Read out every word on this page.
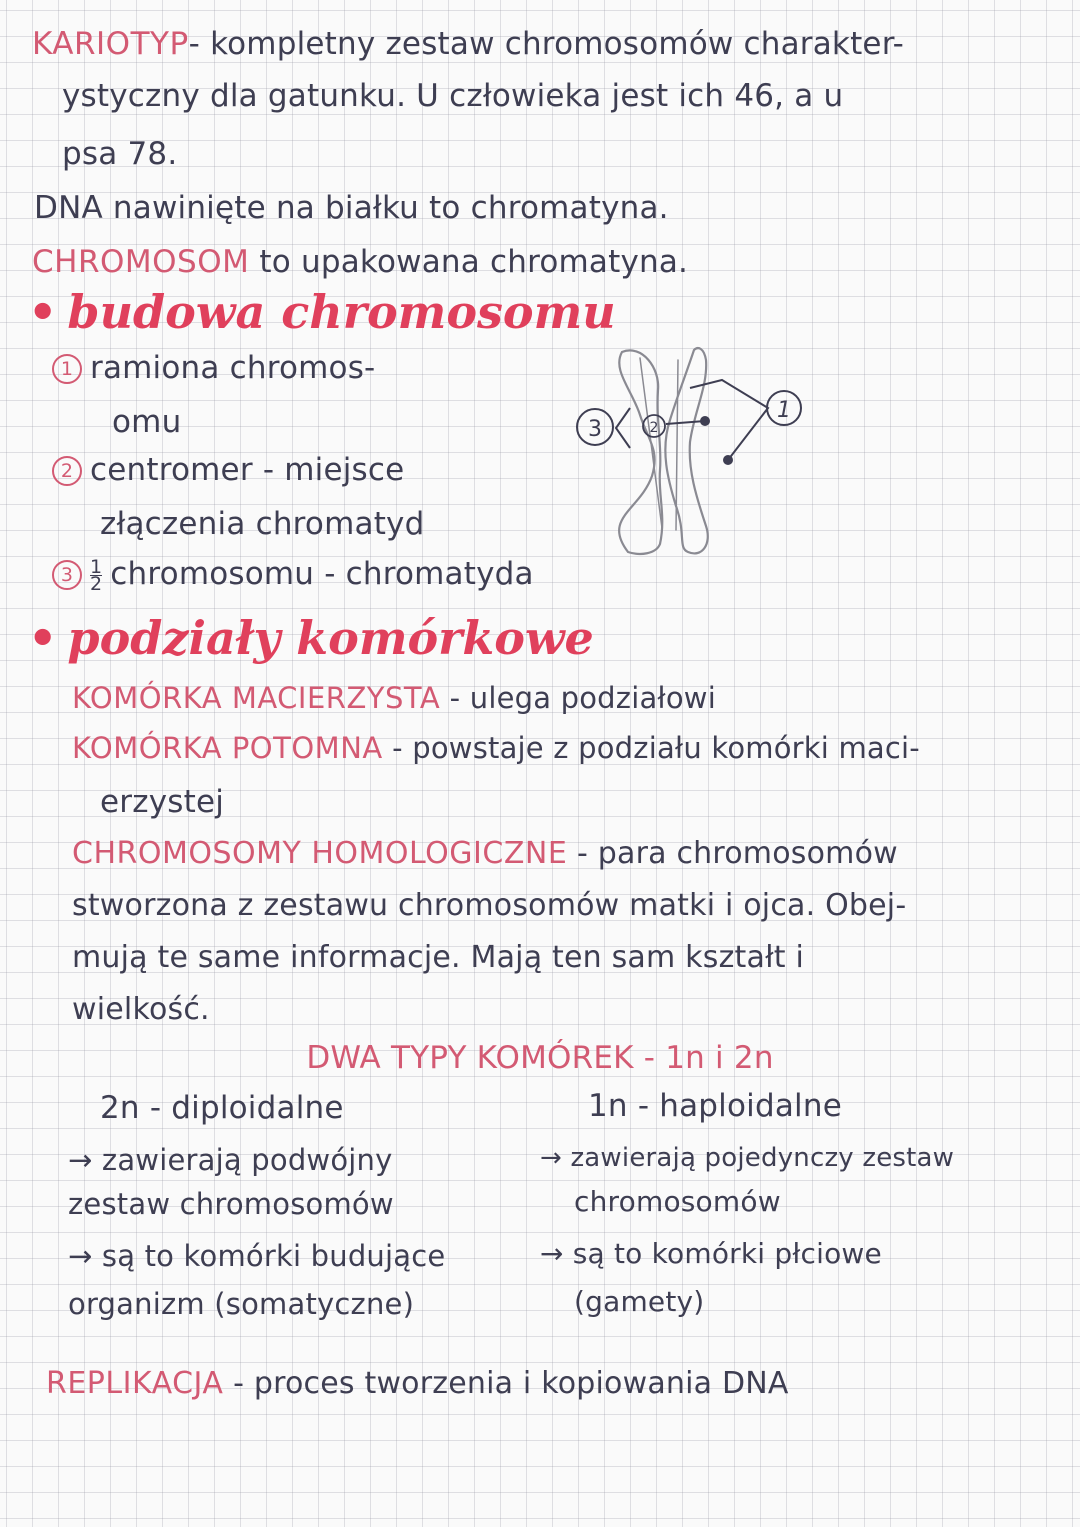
KARIOTYP- kompletny zestaw chromosomów charakter-
ystyczny dla gatunku. U człowieka jest ich 46, a u
psa 78.
DNA nawinięte na białku to chromatyna.
CHROMOSOM to upakowana chromatyna.
• budowa chromosomu
1 ramiona chromos-
omu
2 centromer - miejsce
złączenia chromatyd
$3 \frac{1}{2}$ chromosomu - chromatyda
3	2
1
• podziały komórkowe
KOMÓRKA MACIERZYSTA - ulega podziałowi
KOMÓRKA POTOMNA - powstaje z podziału komórki maci-
erzystej
CHROMOSOMY HOMOLOGICZNE - para chromosomów
stworzona z zestawu chromosomów matki i ojca. Obej-
mują te same informacje. Mają ten sam kształt i
wielkość.
DWA TYPY KOMÓREK - 1n i 2n
2n - diploidalne
→ zawierają podwójny
zestaw chromosomów
→ są to komórki budujące
organizm (somatyczne)
1n - haploidalne
→ zawierają pojedynczy zestaw
chromosomów
→ są to komórki płciowe
(gamety)
REPLIKACJA - proces tworzenia i kopiowania DNA
